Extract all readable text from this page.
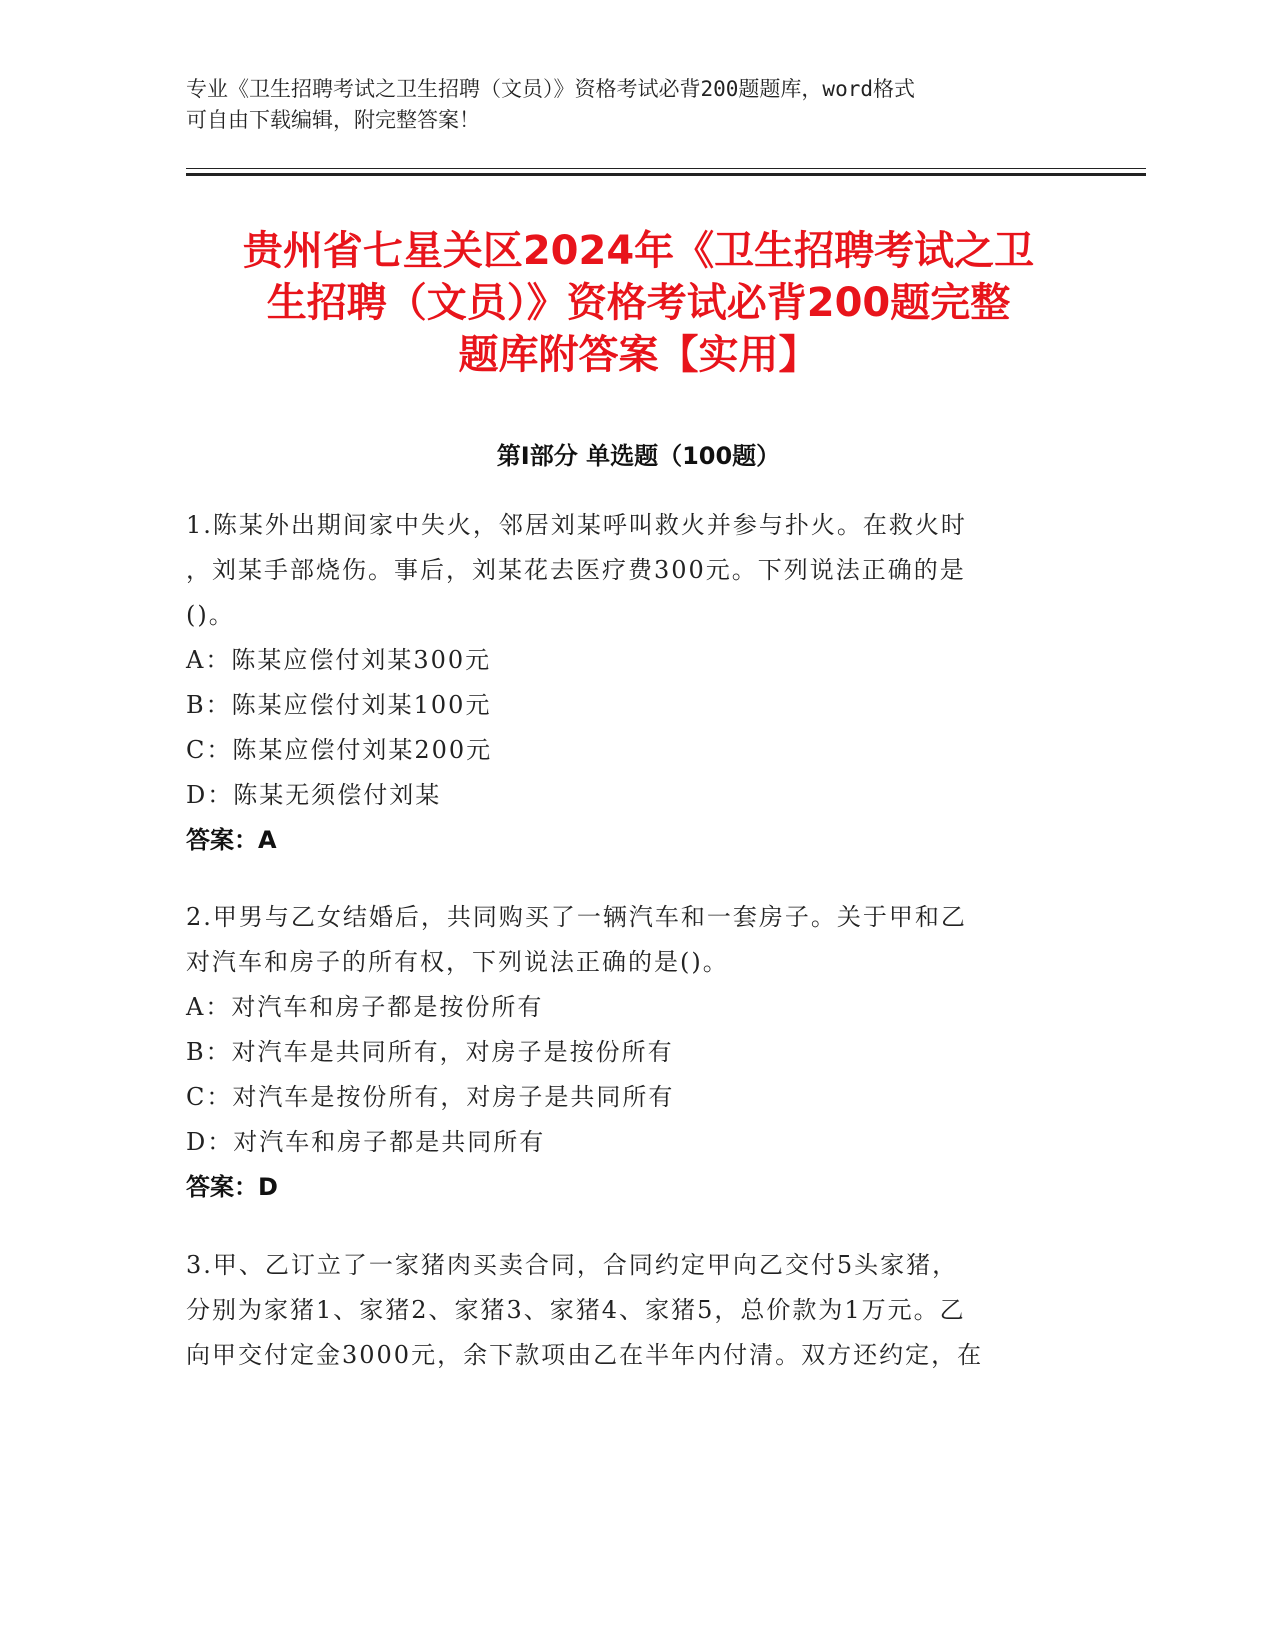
专业《卫生招聘考试之卫生招聘（文员）》资格考试必背200题题库，word格式
可自由下载编辑，附完整答案！
贵州省七星关区2024年《卫生招聘考试之卫
生招聘（文员）》资格考试必背200题完整
题库附答案【实用】
第Ⅰ部分 单选题（100题）
1.陈某外出期间家中失火，邻居刘某呼叫救火并参与扑火。在救火时
，刘某手部烧伤。事后，刘某花去医疗费300元。下列说法正确的是
()。
A：陈某应偿付刘某300元
B：陈某应偿付刘某100元
C：陈某应偿付刘某200元
D：陈某无须偿付刘某
答案：A
2.甲男与乙女结婚后，共同购买了一辆汽车和一套房子。关于甲和乙
对汽车和房子的所有权，下列说法正确的是()。
A：对汽车和房子都是按份所有
B：对汽车是共同所有，对房子是按份所有
C：对汽车是按份所有，对房子是共同所有
D：对汽车和房子都是共同所有
答案：D
3.甲、乙订立了一家猪肉买卖合同，合同约定甲向乙交付5头家猪，
分别为家猪1、家猪2、家猪3、家猪4、家猪5，总价款为1万元。乙
向甲交付定金3000元，余下款项由乙在半年内付清。双方还约定，在
